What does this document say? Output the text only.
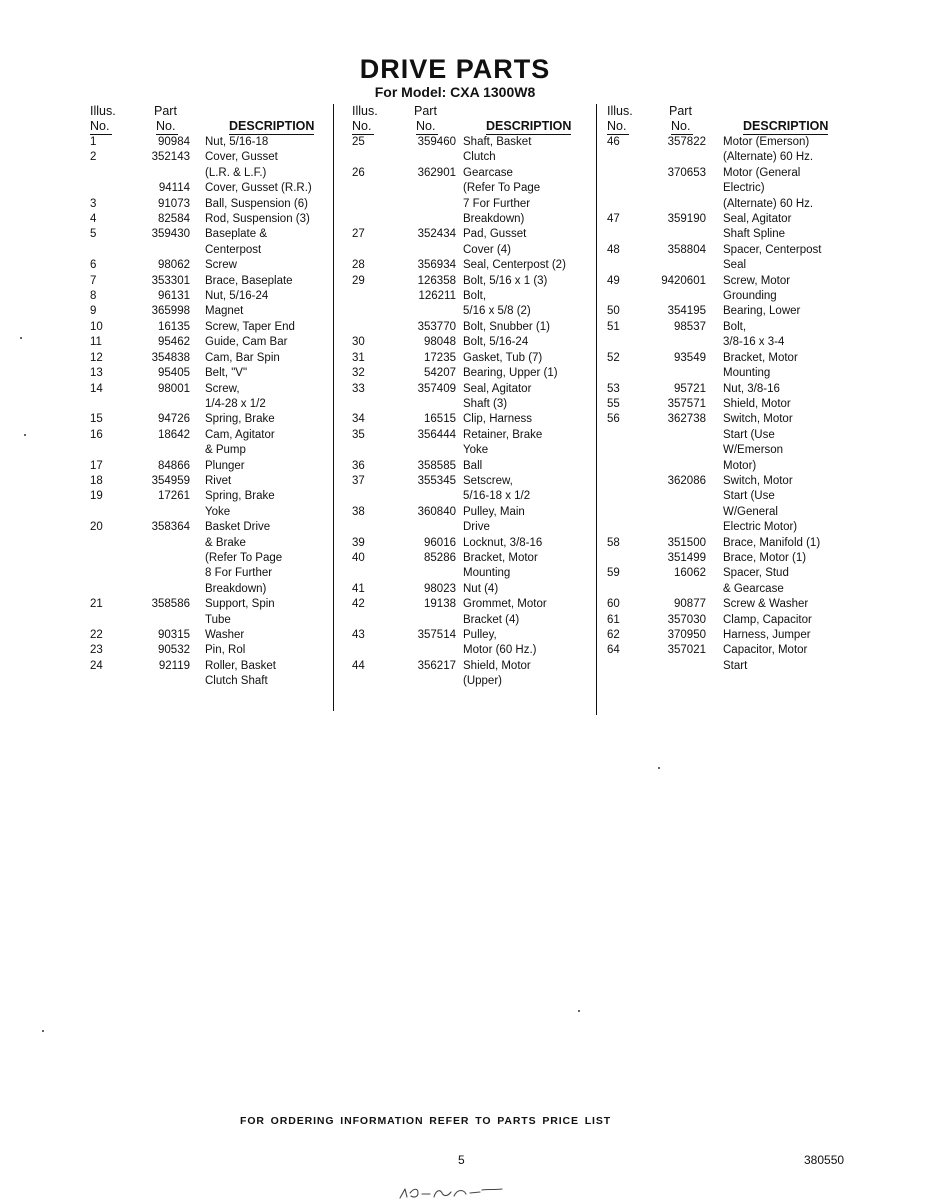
DRIVE PARTS
For Model: CXA 1300W8
Illus.
No.
Part
No.	DESCRIPTION
1	90984 Nut, 5/16-18
2	352143 Cover, Gusset
(L.R. & L.F.)
94114 Cover, Gusset (R.R.)
3	91073 Ball, Suspension (6)
4	82584 Rod, Suspension (3)
5	359430 Baseplate &
Centerpost
6	98062 Screw
7	353301 Brace, Baseplate
8	96131 Nut, 5/16-24
9	365998 Magnet
10	16135 Screw, Taper End
11	95462 Guide, Cam Bar
12	354838 Cam, Bar Spin
13	95405 Belt, "V"
14	98001 Screw,
1/4-28 x 1/2
15	94726 Spring, Brake
16	18642 Cam, Agitator
& Pump
17	84866 Plunger
18	354959 Rivet
19	17261 Spring, Brake
Yoke
20	358364 Basket Drive
& Brake
(Refer To Page
8 For Further
Breakdown)
21	358586 Support, Spin
Tube
22	90315 Washer
23	90532 Pin, Rol
24	92119 Roller, Basket
Clutch Shaft
Illus.
No.
Part
No.	DESCRIPTION
25	359460 Shaft, Basket
Clutch
26	362901 Gearcase
(Refer To Page
7 For Further
Breakdown)
27	352434 Pad, Gusset
Cover (4)
28	356934 Seal, Centerpost (2)
29	126358 Bolt, 5/16 x 1 (3)
126211 Bolt,
5/16 x 5/8 (2)
353770 Bolt, Snubber (1)
30	98048 Bolt, 5/16-24
31	17235 Gasket, Tub (7)
32	54207 Bearing, Upper (1)
33	357409 Seal, Agitator
Shaft (3)
34	16515 Clip, Harness
35	356444 Retainer, Brake
Yoke
36	358585 Ball
37	355345 Setscrew,
5/16-18 x 1/2
38	360840 Pulley, Main
Drive
39	96016 Locknut, 3/8-16
40	85286 Bracket, Motor
Mounting
41	98023 Nut (4)
42	19138 Grommet, Motor
Bracket (4)
43	357514 Pulley,
Motor (60 Hz.)
44	356217 Shield, Motor
(Upper)
Illus.
No.
Part
No.	DESCRIPTION
46	357822 Motor (Emerson)
(Alternate) 60 Hz.
370653 Motor (General
Electric)
(Alternate) 60 Hz.
47	359190 Seal, Agitator
Shaft Spline
48	358804 Spacer, Centerpost
Seal
49	9420601 Screw, Motor
Grounding
50	354195 Bearing, Lower
51	98537 Bolt,
3/8-16 x 3-4
52	93549 Bracket, Motor
Mounting
53	95721 Nut, 3/8-16
55	357571 Shield, Motor
56	362738 Switch, Motor
Start (Use
W/Emerson
Motor)
362086 Switch, Motor
Start (Use
W/General
Electric Motor)
58	351500 Brace, Manifold (1)
351499 Brace, Motor (1)
59	16062 Spacer, Stud
& Gearcase
60	90877 Screw & Washer
61	357030 Clamp, Capacitor
62	370950 Harness, Jumper
64	357021 Capacitor, Motor
Start
FOR ORDERING INFORMATION REFER TO PARTS PRICE LIST
5	380550
